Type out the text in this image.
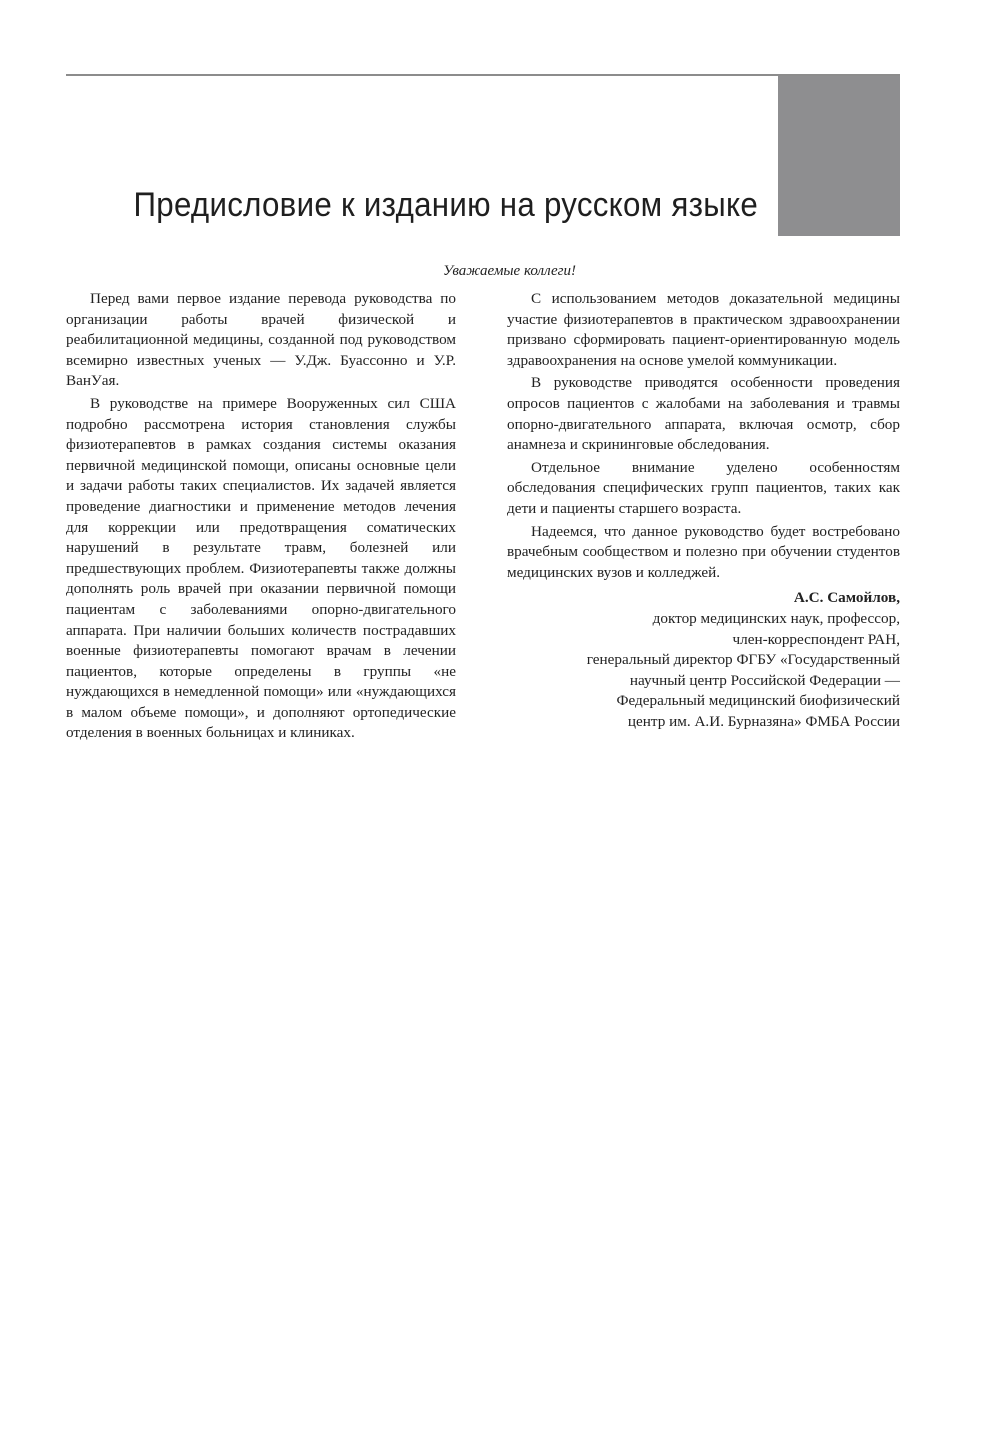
Предисловие к изданию на русском языке

Уважаемые коллеги!

Перед вами первое издание перевода руководства по организации работы врачей физической и реабилитационной медицины, созданной под руководством всемирно известных ученых — У.Дж. Буассонно и У.Р. ВанУая.

В руководстве на примере Вооруженных сил США подробно рассмотрена история становления службы физиотерапевтов в рамках создания системы оказания первичной медицинской помощи, описаны основные цели и задачи работы таких специалистов. Их задачей является проведение диагностики и применение методов лечения для коррекции или предотвращения соматических нарушений в результате травм, болезней или предшествующих проблем. Физиотерапевты также должны дополнять роль врачей при оказании первичной помощи пациентам с заболеваниями опорно-двигательного аппарата. При наличии больших количеств пострадавших военные физиотерапевты помогают врачам в лечении пациентов, которые определены в группы «не нуждающихся в немедленной помощи» или «нуждающихся в малом объеме помощи», и дополняют ортопедические отделения в военных больницах и клиниках.

С использованием методов доказательной медицины участие физиотерапевтов в практическом здравоохранении призвано сформировать пациент-ориентированную модель здравоохранения на основе умелой коммуникации.

В руководстве приводятся особенности проведения опросов пациентов с жалобами на заболевания и травмы опорно-двигательного аппарата, включая осмотр, сбор анамнеза и скрининговые обследования.

Отдельное внимание уделено особенностям обследования специфических групп пациентов, таких как дети и пациенты старшего возраста.

Надеемся, что данное руководство будет востребовано врачебным сообществом и полезно при обучении студентов медицинских вузов и колледжей.

А.С. Самойлов,
доктор медицинских наук, профессор,
член-корреспондент РАН,
генеральный директор ФГБУ «Государственный
научный центр Российской Федерации —
Федеральный медицинский биофизический
центр им. А.И. Бурназяна» ФМБА России
